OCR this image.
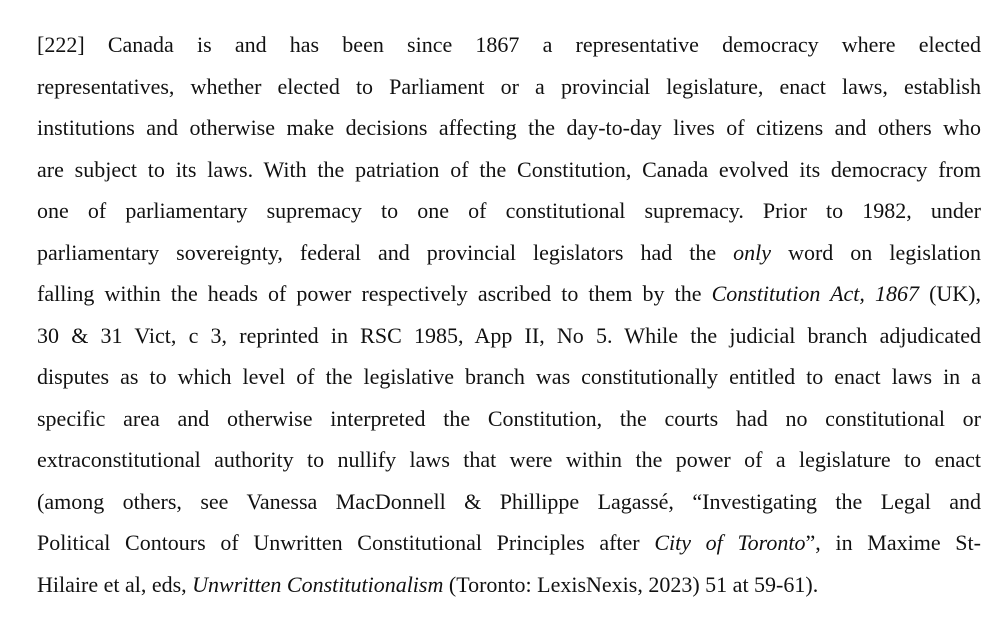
[222] Canada is and has been since 1867 a representative democracy where elected
representatives, whether elected to Parliament or a provincial legislature, enact laws, establish
institutions and otherwise make decisions affecting the day-to-day lives of citizens and others who
are subject to its laws. With the patriation of the Constitution, Canada evolved its democracy from
one of parliamentary supremacy to one of constitutional supremacy. Prior to 1982, under
parliamentary sovereignty, federal and provincial legislators had the only word on legislation
falling within the heads of power respectively ascribed to them by the Constitution Act, 1867 (UK),
30 & 31 Vict, c 3, reprinted in RSC 1985, App II, No 5. While the judicial branch adjudicated
disputes as to which level of the legislative branch was constitutionally entitled to enact laws in a
specific area and otherwise interpreted the Constitution, the courts had no constitutional or
extraconstitutional authority to nullify laws that were within the power of a legislature to enact
(among others, see Vanessa MacDonnell & Phillippe Lagassé, “Investigating the Legal and
Political Contours of Unwritten Constitutional Principles after City of Toronto”, in Maxime St-
Hilaire et al, eds, Unwritten Constitutionalism (Toronto: LexisNexis, 2023) 51 at 59-61).
